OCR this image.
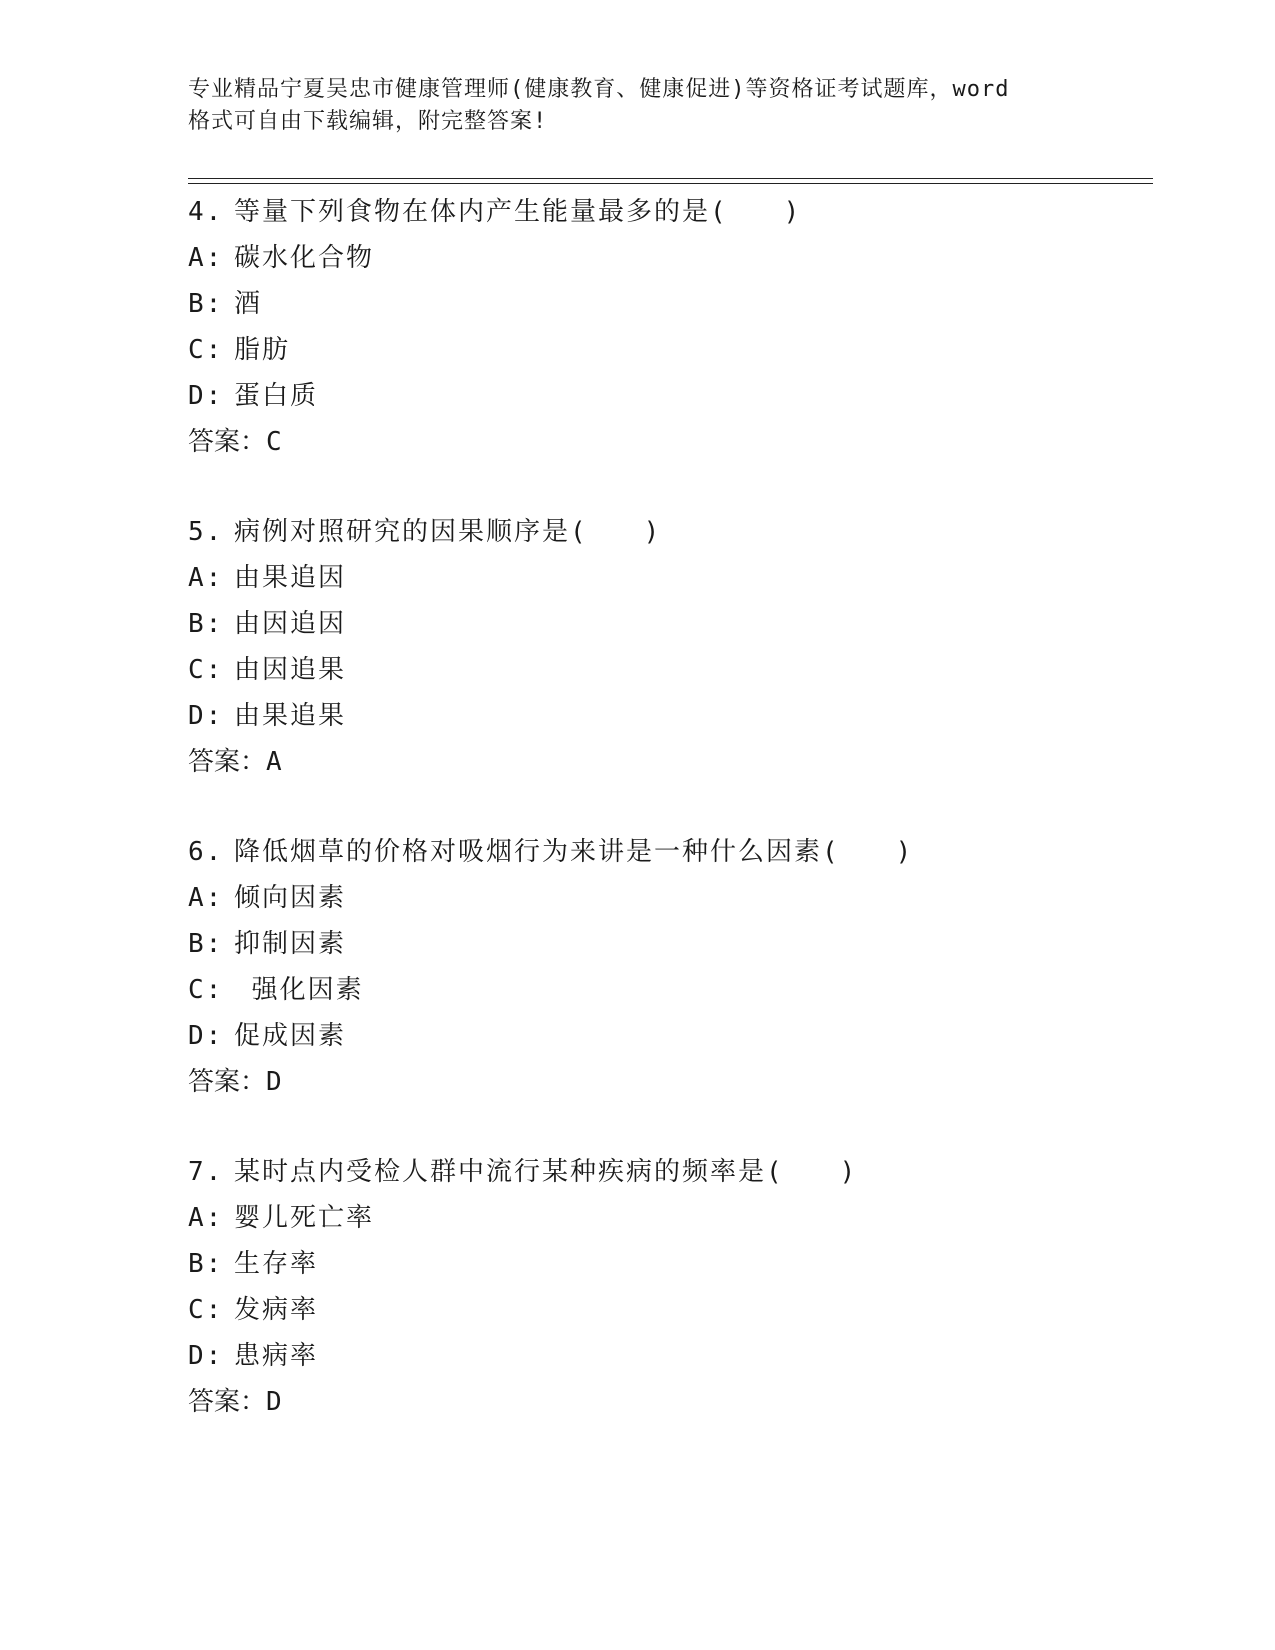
专业精品宁夏吴忠市健康管理师(健康教育、健康促进)等资格证考试题库，word
格式可自由下载编辑，附完整答案!
4. 等量下列食物在体内产生能量最多的是(　　)
A: 碳水化合物
B: 酒
C: 脂肪
D: 蛋白质
答案：C
5. 病例对照研究的因果顺序是(　　)
A: 由果追因
B: 由因追因
C: 由因追果
D: 由果追果
答案：A
6. 降低烟草的价格对吸烟行为来讲是一种什么因素(　　)
A: 倾向因素
B: 抑制因素
C: 强化因素
D: 促成因素
答案：D
7. 某时点内受检人群中流行某种疾病的频率是(　　)
A: 婴儿死亡率
B: 生存率
C: 发病率
D: 患病率
答案：D
